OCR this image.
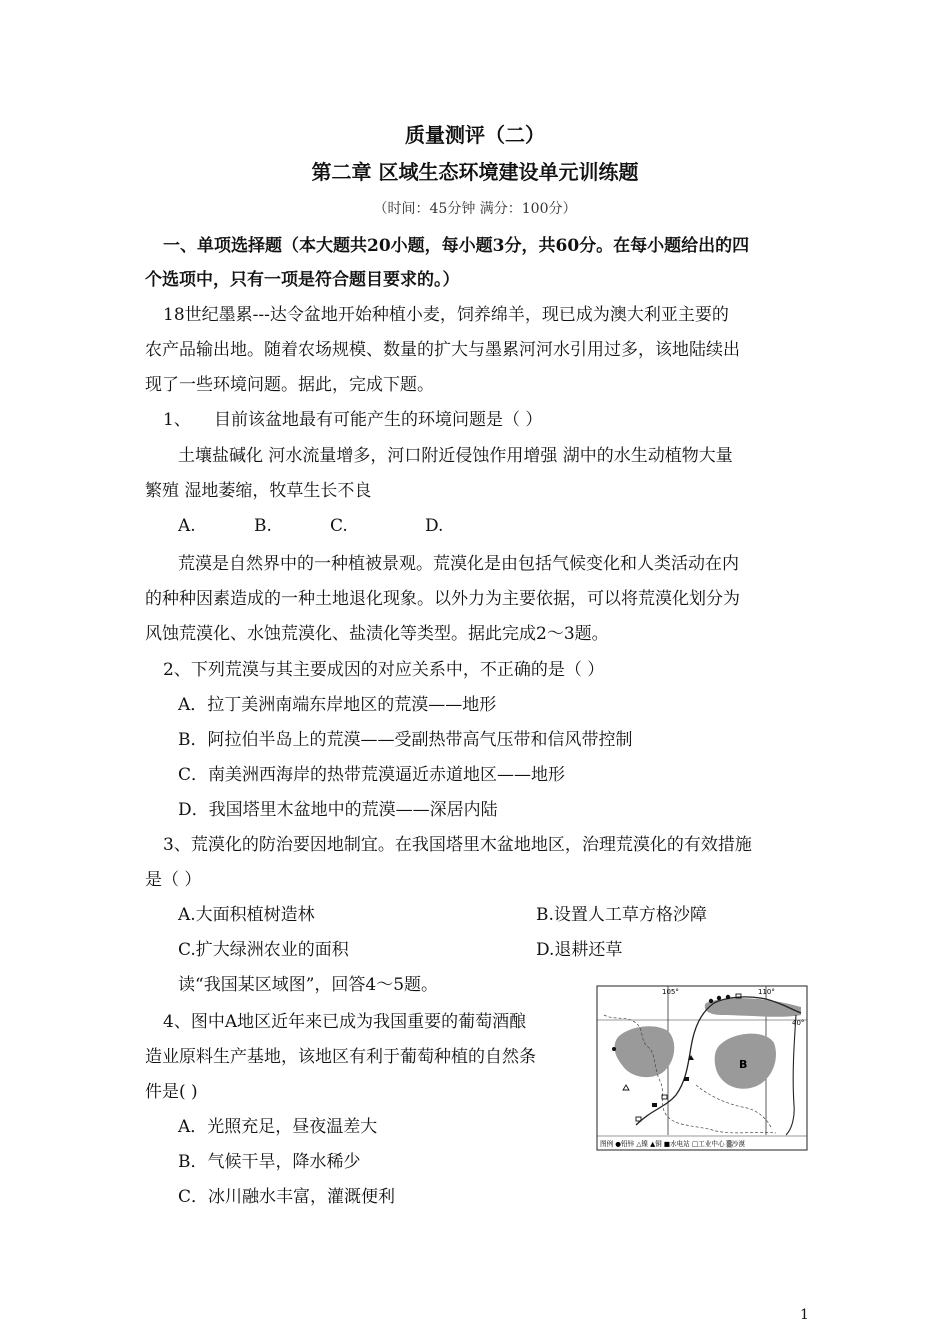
质量测评（二）
第二章 区域生态环境建设单元训练题
（时间：45分钟 满分：100分）
一、单项选择题（本大题共20小题，每小题3分，共60分。在每小题给出的四
个选项中，只有一项是符合题目要求的。）
18世纪墨累---达令盆地开始种植小麦，饲养绵羊，现已成为澳大利亚主要的
农产品输出地。随着农场规模、数量的扩大与墨累河河水引用过多，该地陆续出
现了一些环境问题。据此，完成下题。
1、 目前该盆地最有可能产生的环境问题是（ ）
土壤盐碱化 河水流量增多，河口附近侵蚀作用增强 湖中的水生动植物大量
繁殖 湿地萎缩，牧草生长不良
A.	B.	C.	D.
荒漠是自然界中的一种植被景观。荒漠化是由包括气候变化和人类活动在内
的种种因素造成的一种土地退化现象。以外力为主要依据，可以将荒漠化划分为
风蚀荒漠化、水蚀荒漠化、盐渍化等类型。据此完成2～3题。
2、下列荒漠与其主要成因的对应关系中，不正确的是（ ）
A．拉丁美洲南端东岸地区的荒漠——地形
B．阿拉伯半岛上的荒漠——受副热带高气压带和信风带控制
C．南美洲西海岸的热带荒漠逼近赤道地区——地形
D．我国塔里木盆地中的荒漠——深居内陆
3、荒漠化的防治要因地制宜。在我国塔里木盆地地区，治理荒漠化的有效措施
是（ ）
A.大面积植树造林	B.设置人工草方格沙障
C.扩大绿洲农业的面积	D.退耕还草
读“我国某区域图”，回答4～5题。
4、图中A地区近年来已成为我国重要的葡萄酒酿
造业原料生产基地，该地区有利于葡萄种植的自然条
件是( )
A．光照充足，昼夜温差大
B．气候干旱，降水稀少
C．冰川融水丰富，灌溉便利
105°	110°
40°
B
图例 ●铅锌 △镍 ▲铜 ■水电站 □工业中心 ▒沙漠
1
